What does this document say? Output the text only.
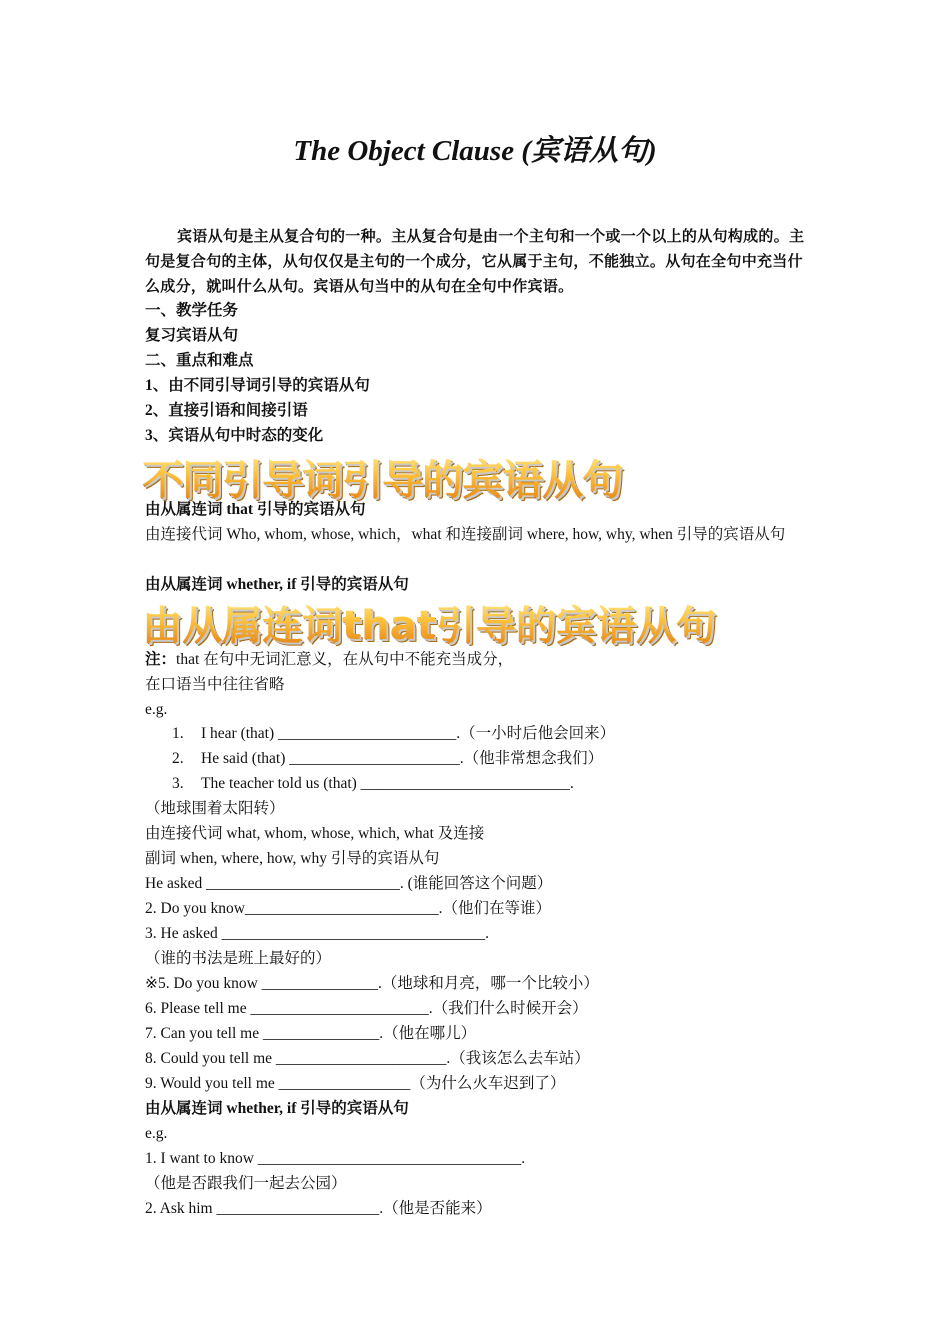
The Object Clause (宾语从句)
宾语从句是主从复合句的一种。主从复合句是由一个主句和一个或一个以上的从句构成的。主句是复合句的主体，从句仅仅是主句的一个成分，它从属于主句，不能独立。从句在全句中充当什么成分，就叫什么从句。宾语从句当中的从句在全句中作宾语。
一、教学任务
复习宾语从句
二、重点和难点
1、由不同引导词引导的宾语从句
2、直接引语和间接引语
3、宾语从句中时态的变化
不同引导词引导的宾语从句
由从属连词 that 引导的宾语从句
由连接代词 Who, whom, whose, which，what 和连接副词 where, how, why, when 引导的宾语从句
由从属连词 whether, if 引导的宾语从句
由从属连词that引导的宾语从句
注：that 在句中无词汇意义，在从句中不能充当成分，
在口语当中往往省略
e.g.
1. I hear (that) _______________________.（一小时后他会回来）
2. He said (that) ______________________.（他非常想念我们）
3. The teacher told us (that) ___________________________.
（地球围着太阳转）
由连接代词 what, whom, whose, which, what 及连接
副词 when, where, how, why 引导的宾语从句
He asked _________________________. (谁能回答这个问题）
2. Do you know_________________________.（他们在等谁）
3. He asked __________________________________.
（谁的书法是班上最好的）
※5. Do you know _______________.（地球和月亮，哪一个比较小）
6. Please tell me _______________________.（我们什么时候开会）
7. Can you tell me _______________.（他在哪儿）
8. Could you tell me ______________________.（我该怎么去车站）
9. Would you tell me _________________（为什么火车迟到了）
由从属连词 whether, if 引导的宾语从句
e.g.
1. I want to know __________________________________.
（他是否跟我们一起去公园）
2. Ask him _____________________.（他是否能来）
